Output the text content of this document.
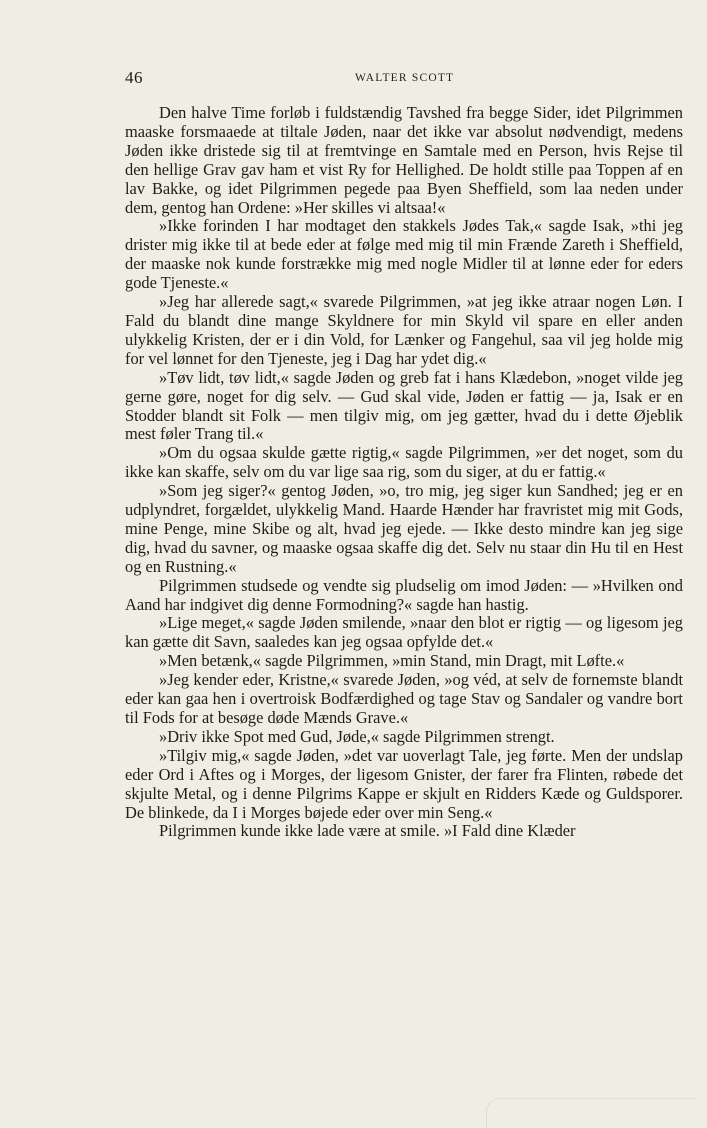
46	WALTER SCOTT

Den halve Time forløb i fuldstændig Tavshed fra begge Sider, idet Pilgrimmen maaske forsmaaede at tiltale Jøden, naar det ikke var absolut nødvendigt, medens Jøden ikke dristede sig til at fremtvinge en Samtale med en Person, hvis Rejse til den hellige Grav gav ham et vist Ry for Hellighed. De holdt stille paa Toppen af en lav Bakke, og idet Pilgrimmen pegede paa Byen Sheffield, som laa neden under dem, gentog han Ordene: »Her skilles vi altsaa!«

»Ikke forinden I har modtaget den stakkels Jødes Tak,« sagde Isak, »thi jeg drister mig ikke til at bede eder at følge med mig til min Frænde Zareth i Sheffield, der maaske nok kunde forstrække mig med nogle Midler til at lønne eder for eders gode Tjeneste.«

»Jeg har allerede sagt,« svarede Pilgrimmen, »at jeg ikke atraar nogen Løn. I Fald du blandt dine mange Skyldnere for min Skyld vil spare en eller anden ulykkelig Kristen, der er i din Vold, for Lænker og Fangehul, saa vil jeg holde mig for vel lønnet for den Tjeneste, jeg i Dag har ydet dig.«

»Tøv lidt, tøv lidt,« sagde Jøden og greb fat i hans Klædebon, »noget vilde jeg gerne gøre, noget for dig selv. — Gud skal vide, Jøden er fattig — ja, Isak er en Stodder blandt sit Folk — men tilgiv mig, om jeg gætter, hvad du i dette Øjeblik mest føler Trang til.«

»Om du ogsaa skulde gætte rigtig,« sagde Pilgrimmen, »er det noget, som du ikke kan skaffe, selv om du var lige saa rig, som du siger, at du er fattig.«

»Som jeg siger?« gentog Jøden, »o, tro mig, jeg siger kun Sandhed; jeg er en udplyndret, forgældet, ulykkelig Mand. Haarde Hænder har fravristet mig mit Gods, mine Penge, mine Skibe og alt, hvad jeg ejede. — Ikke desto mindre kan jeg sige dig, hvad du savner, og maaske ogsaa skaffe dig det. Selv nu staar din Hu til en Hest og en Rustning.«

Pilgrimmen studsede og vendte sig pludselig om imod Jøden: — »Hvilken ond Aand har indgivet dig denne Formodning?« sagde han hastig.

»Lige meget,« sagde Jøden smilende, »naar den blot er rigtig — og ligesom jeg kan gætte dit Savn, saaledes kan jeg ogsaa opfylde det.«

»Men betænk,« sagde Pilgrimmen, »min Stand, min Dragt, mit Løfte.«

»Jeg kender eder, Kristne,« svarede Jøden, »og véd, at selv de fornemste blandt eder kan gaa hen i overtroisk Bodfærdighed og tage Stav og Sandaler og vandre bort til Fods for at besøge døde Mænds Grave.«

»Driv ikke Spot med Gud, Jøde,« sagde Pilgrimmen strengt.

»Tilgiv mig,« sagde Jøden, »det var uoverlagt Tale, jeg førte. Men der undslap eder Ord i Aftes og i Morges, der ligesom Gnister, der farer fra Flinten, røbede det skjulte Metal, og i denne Pilgrims Kappe er skjult en Ridders Kæde og Guldsporer. De blinkede, da I i Morges bøjede eder over min Seng.«

Pilgrimmen kunde ikke lade være at smile. »I Fald dine Klæder
